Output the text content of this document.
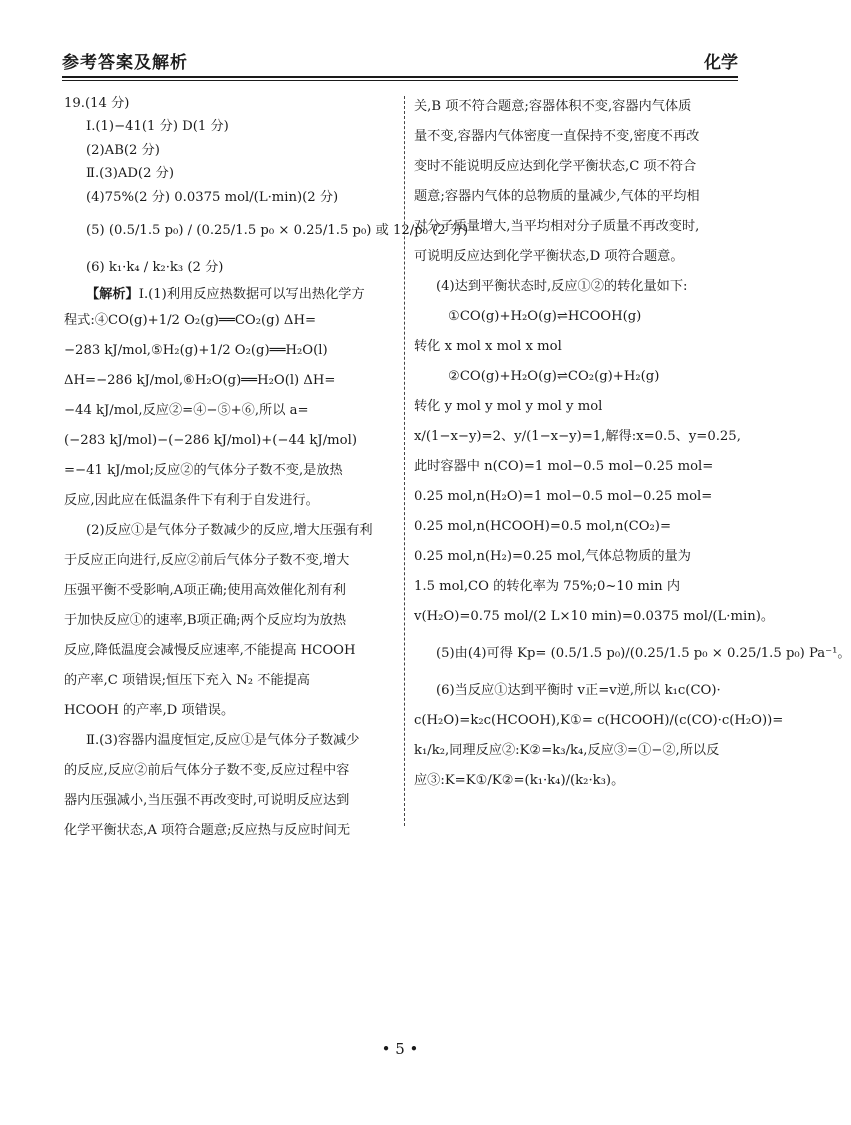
参考答案及解析	化学
19.(14 分)
Ⅰ.(1)−41(1 分) D(1 分)
(2)AB(2 分)
Ⅱ.(3)AD(2 分)
(4)75%(2 分) 0.0375 mol/(L·min)(2 分)
(5) (0.5/1.5 p₀) / (0.25/1.5 p₀ × 0.25/1.5 p₀) 或 12/p₀ (2 分)
(6) k₁·k₄ / k₂·k₃ (2 分)
【解析】Ⅰ.(1)利用反应热数据可以写出热化学方
程式:④CO(g)+1/2 O₂(g)══CO₂(g) ΔH=
−283 kJ/mol,⑤H₂(g)+1/2 O₂(g)══H₂O(l)
ΔH=−286 kJ/mol,⑥H₂O(g)══H₂O(l) ΔH=
−44 kJ/mol,反应②=④−⑤+⑥,所以 a=
(−283 kJ/mol)−(−286 kJ/mol)+(−44 kJ/mol)
=−41 kJ/mol;反应②的气体分子数不变,是放热
反应,因此应在低温条件下有利于自发进行。
(2)反应①是气体分子数减少的反应,增大压强有利
于反应正向进行,反应②前后气体分子数不变,增大
压强平衡不受影响,A项正确;使用高效催化剂有利
于加快反应①的速率,B项正确;两个反应均为放热
反应,降低温度会减慢反应速率,不能提高 HCOOH
的产率,C 项错误;恒压下充入 N₂ 不能提高
HCOOH 的产率,D 项错误。
Ⅱ.(3)容器内温度恒定,反应①是气体分子数减少
的反应,反应②前后气体分子数不变,反应过程中容
器内压强减小,当压强不再改变时,可说明反应达到
化学平衡状态,A 项符合题意;反应热与反应时间无
关,B 项不符合题意;容器体积不变,容器内气体质
量不变,容器内气体密度一直保持不变,密度不再改
变时不能说明反应达到化学平衡状态,C 项不符合
题意;容器内气体的总物质的量减少,气体的平均相
对分子质量增大,当平均相对分子质量不再改变时,
可说明反应达到化学平衡状态,D 项符合题意。
(4)达到平衡状态时,反应①②的转化量如下:
①CO(g)+H₂O(g)⇌HCOOH(g)
转化 x mol x mol x mol
②CO(g)+H₂O(g)⇌CO₂(g)+H₂(g)
转化 y mol y mol y mol y mol
x/(1−x−y)=2、y/(1−x−y)=1,解得:x=0.5、y=0.25,
此时容器中 n(CO)=1 mol−0.5 mol−0.25 mol=
0.25 mol,n(H₂O)=1 mol−0.5 mol−0.25 mol=
0.25 mol,n(HCOOH)=0.5 mol,n(CO₂)=
0.25 mol,n(H₂)=0.25 mol,气体总物质的量为
1.5 mol,CO 的转化率为 75%;0~10 min 内
v(H₂O)=0.75 mol/(2 L×10 min)=0.0375 mol/(L·min)。
(5)由(4)可得 Kp= (0.5/1.5 p₀)/(0.25/1.5 p₀ × 0.25/1.5 p₀) Pa⁻¹。
(6)当反应①达到平衡时 v正=v逆,所以 k₁c(CO)·
c(H₂O)=k₂c(HCOOH),K①= c(HCOOH)/(c(CO)·c(H₂O))=
k₁/k₂,同理反应②:K②=k₃/k₄,反应③=①−②,所以反
应③:K=K①/K②=(k₁·k₄)/(k₂·k₃)。
• 5 •
